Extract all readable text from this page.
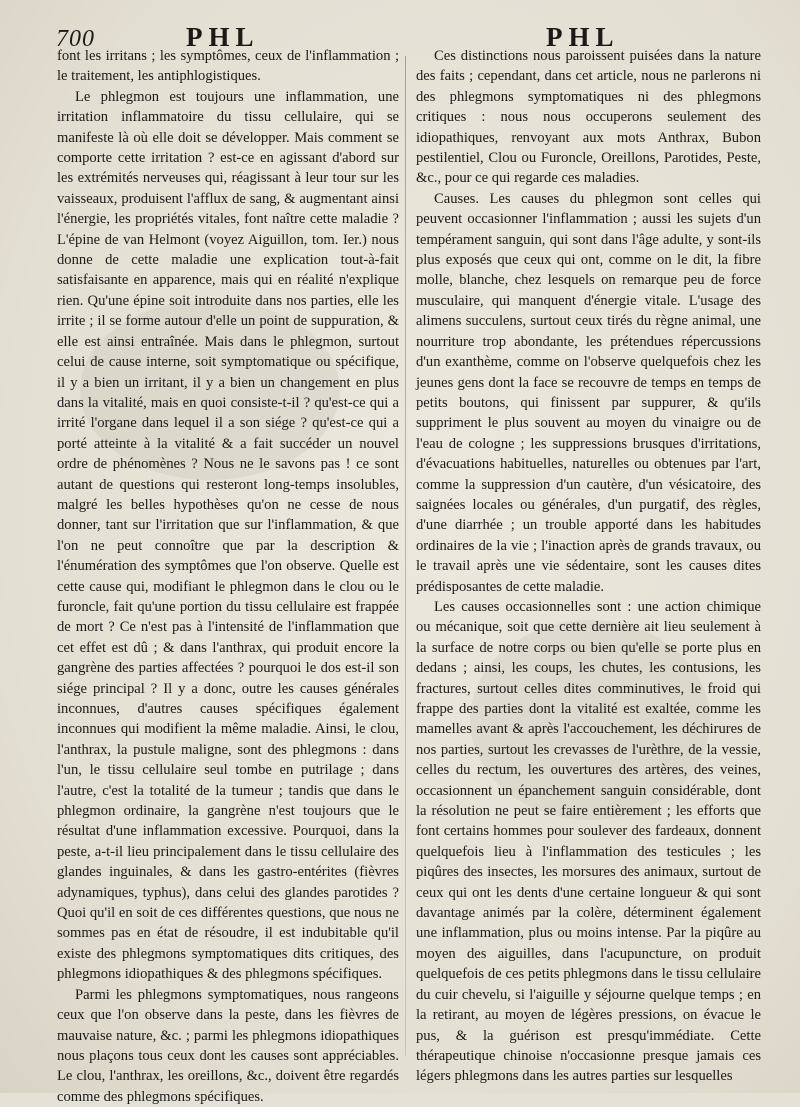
700	PHL	PHL

font les irritans ; les symptômes, ceux de l'inflammation ; le traitement, les antiphlogistiques.

Le phlegmon est toujours une inflammation, une irritation inflammatoire du tissu cellulaire, qui se manifeste là où elle doit se développer. Mais comment se comporte cette irritation ? est-ce en agissant d'abord sur les extrémités nerveuses qui, réagissant à leur tour sur les vaisseaux, produisent l'afflux de sang, & augmentant ainsi l'énergie, les propriétés vitales, font naître cette maladie ? L'épine de van Helmont (voyez Aiguillon, tom. Ier.) nous donne de cette maladie une explication tout-à-fait satisfaisante en apparence, mais qui en réalité n'explique rien. Qu'une épine soit introduite dans nos parties, elle les irrite ; il se forme autour d'elle un point de suppuration, & elle est ainsi entraînée. Mais dans le phlegmon, surtout celui de cause interne, soit symptomatique ou spécifique, il y a bien un irritant, il y a bien un changement en plus dans la vitalité, mais en quoi consiste-t-il ? qu'est-ce qui a irrité l'organe dans lequel il a son siége ? qu'est-ce qui a porté atteinte à la vitalité & a fait succéder un nouvel ordre de phénomènes ? Nous ne le savons pas ! ce sont autant de questions qui resteront long-temps insolubles, malgré les belles hypothèses qu'on ne cesse de nous donner, tant sur l'irritation que sur l'inflammation, & que l'on ne peut connoître que par la description & l'énumération des symptômes que l'on observe. Quelle est cette cause qui, modifiant le phlegmon dans le clou ou le furoncle, fait qu'une portion du tissu cellulaire est frappée de mort ? Ce n'est pas à l'intensité de l'inflammation que cet effet est dû ; & dans l'anthrax, qui produit encore la gangrène des parties affectées ? pourquoi le dos est-il son siége principal ? Il y a donc, outre les causes générales inconnues, d'autres causes spécifiques également inconnues qui modifient la même maladie. Ainsi, le clou, l'anthrax, la pustule maligne, sont des phlegmons : dans l'un, le tissu cellulaire seul tombe en putrilage ; dans l'autre, c'est la totalité de la tumeur ; tandis que dans le phlegmon ordinaire, la gangrène n'est toujours que le résultat d'une inflammation excessive. Pourquoi, dans la peste, a-t-il lieu principalement dans le tissu cellulaire des glandes inguinales, & dans les gastro-entérites (fièvres adynamiques, typhus), dans celui des glandes parotides ? Quoi qu'il en soit de ces différentes questions, que nous ne sommes pas en état de résoudre, il est indubitable qu'il existe des phlegmons symptomatiques dits critiques, des phlegmons idiopathiques & des phlegmons spécifiques.

Parmi les phlegmons symptomatiques, nous rangeons ceux que l'on observe dans la peste, dans les fièvres de mauvaise nature, &c. ; parmi les phlegmons idiopathiques nous plaçons tous ceux dont les causes sont appréciables. Le clou, l'anthrax, les oreillons, &c., doivent être regardés comme des phlegmons spécifiques.

Ces distinctions nous paroissent puisées dans la nature des faits ; cependant, dans cet article, nous ne parlerons ni des phlegmons symptomatiques ni des phlegmons critiques : nous nous occuperons seulement des idiopathiques, renvoyant aux mots Anthrax, Bubon pestilentiel, Clou ou Furoncle, Oreillons, Parotides, Peste, &c., pour ce qui regarde ces maladies.

Causes. Les causes du phlegmon sont celles qui peuvent occasionner l'inflammation ; aussi les sujets d'un tempérament sanguin, qui sont dans l'âge adulte, y sont-ils plus exposés que ceux qui ont, comme on le dit, la fibre molle, blanche, chez lesquels on remarque peu de force musculaire, qui manquent d'énergie vitale. L'usage des alimens succulens, surtout ceux tirés du règne animal, une nourriture trop abondante, les prétendues répercussions d'un exanthème, comme on l'observe quelquefois chez les jeunes gens dont la face se recouvre de temps en temps de petits boutons, qui finissent par suppurer, & qu'ils suppriment le plus souvent au moyen du vinaigre ou de l'eau de cologne ; les suppressions brusques d'irritations, d'évacuations habituelles, naturelles ou obtenues par l'art, comme la suppression d'un cautère, d'un vésicatoire, des saignées locales ou générales, d'un purgatif, des règles, d'une diarrhée ; un trouble apporté dans les habitudes ordinaires de la vie ; l'inaction après de grands travaux, ou le travail après une vie sédentaire, sont les causes dites prédisposantes de cette maladie.

Les causes occasionnelles sont : une action chimique ou mécanique, soit que cette dernière ait lieu seulement à la surface de notre corps ou bien qu'elle se porte plus en dedans ; ainsi, les coups, les chutes, les contusions, les fractures, surtout celles dites comminutives, le froid qui frappe des parties dont la vitalité est exaltée, comme les mamelles avant & après l'accouchement, les déchirures de nos parties, surtout les crevasses de l'urèthre, de la vessie, celles du rectum, les ouvertures des artères, des veines, occasionnent un épanchement sanguin considérable, dont la résolution ne peut se faire entièrement ; les efforts que font certains hommes pour soulever des fardeaux, donnent quelquefois lieu à l'inflammation des testicules ; les piqûres des insectes, les morsures des animaux, surtout de ceux qui ont les dents d'une certaine longueur & qui sont davantage animés par la colère, déterminent également une inflammation, plus ou moins intense. Par la piqûre au moyen des aiguilles, dans l'acupuncture, on produit quelquefois de ces petits phlegmons dans le tissu cellulaire du cuir chevelu, si l'aiguille y séjourne quelque temps ; en la retirant, au moyen de légères pressions, on évacue le pus, & la guérison est presqu'immédiate. Cette thérapeutique chinoise n'occasionne presque jamais ces légers phlegmons dans les autres parties sur lesquelles
